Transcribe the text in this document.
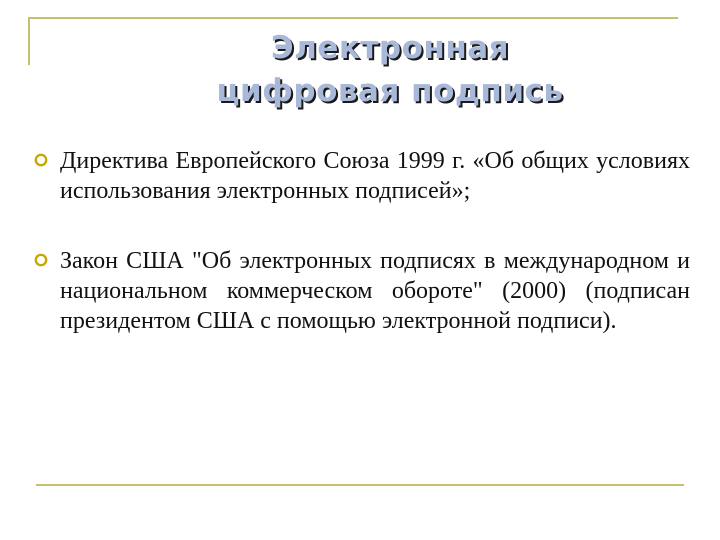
Электронная
цифровая подпись
Директива Европейского Союза 1999 г. «Об общих условиях использования электронных подписей»;
Закон США "Об электронных подписях в международном и национальном коммерческом обороте" (2000) (подписан президентом США с помощью электронной подписи).
